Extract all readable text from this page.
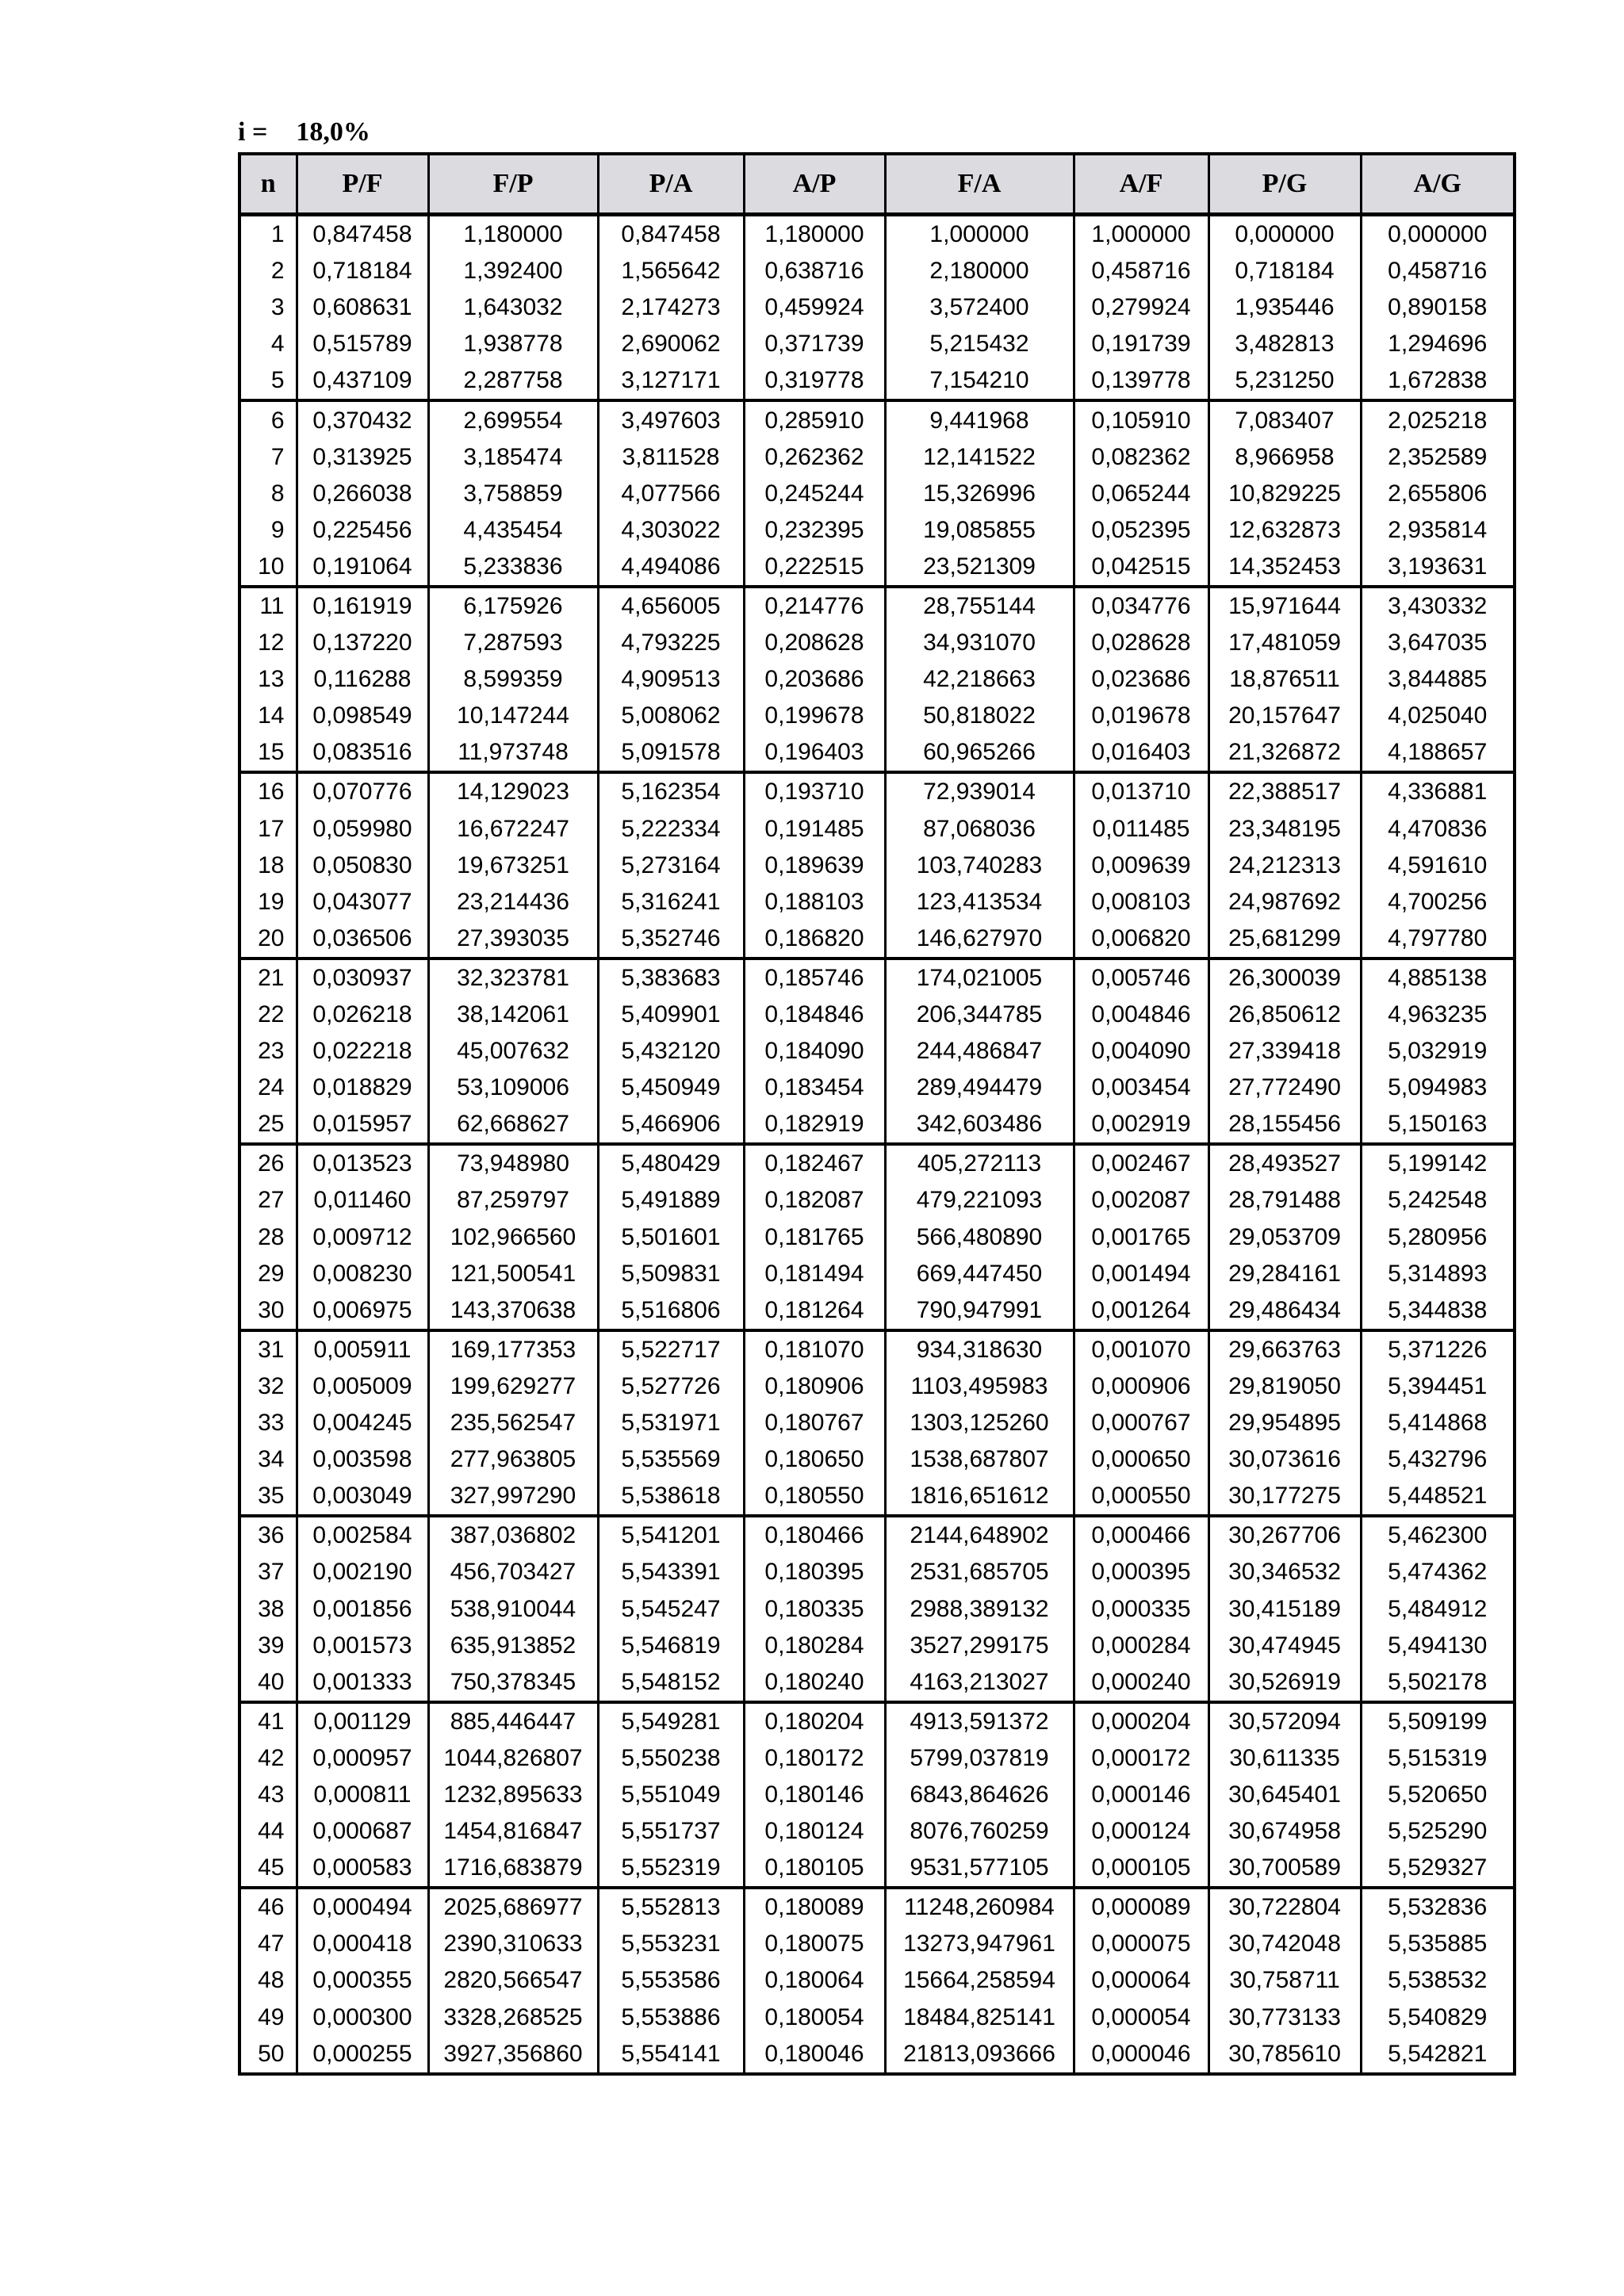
i = 18,0%
n	P/F	F/P	P/A	A/P	F/A	A/F	P/G	A/G
1	0,847458	1,180000	0,847458	1,180000	1,000000	1,000000	0,000000	0,000000
2	0,718184	1,392400	1,565642	0,638716	2,180000	0,458716	0,718184	0,458716
3	0,608631	1,643032	2,174273	0,459924	3,572400	0,279924	1,935446	0,890158
4	0,515789	1,938778	2,690062	0,371739	5,215432	0,191739	3,482813	1,294696
5	0,437109	2,287758	3,127171	0,319778	7,154210	0,139778	5,231250	1,672838
6	0,370432	2,699554	3,497603	0,285910	9,441968	0,105910	7,083407	2,025218
7	0,313925	3,185474	3,811528	0,262362	12,141522	0,082362	8,966958	2,352589
8	0,266038	3,758859	4,077566	0,245244	15,326996	0,065244	10,829225	2,655806
9	0,225456	4,435454	4,303022	0,232395	19,085855	0,052395	12,632873	2,935814
10	0,191064	5,233836	4,494086	0,222515	23,521309	0,042515	14,352453	3,193631
11	0,161919	6,175926	4,656005	0,214776	28,755144	0,034776	15,971644	3,430332
12	0,137220	7,287593	4,793225	0,208628	34,931070	0,028628	17,481059	3,647035
13	0,116288	8,599359	4,909513	0,203686	42,218663	0,023686	18,876511	3,844885
14	0,098549	10,147244	5,008062	0,199678	50,818022	0,019678	20,157647	4,025040
15	0,083516	11,973748	5,091578	0,196403	60,965266	0,016403	21,326872	4,188657
16	0,070776	14,129023	5,162354	0,193710	72,939014	0,013710	22,388517	4,336881
17	0,059980	16,672247	5,222334	0,191485	87,068036	0,011485	23,348195	4,470836
18	0,050830	19,673251	5,273164	0,189639	103,740283	0,009639	24,212313	4,591610
19	0,043077	23,214436	5,316241	0,188103	123,413534	0,008103	24,987692	4,700256
20	0,036506	27,393035	5,352746	0,186820	146,627970	0,006820	25,681299	4,797780
21	0,030937	32,323781	5,383683	0,185746	174,021005	0,005746	26,300039	4,885138
22	0,026218	38,142061	5,409901	0,184846	206,344785	0,004846	26,850612	4,963235
23	0,022218	45,007632	5,432120	0,184090	244,486847	0,004090	27,339418	5,032919
24	0,018829	53,109006	5,450949	0,183454	289,494479	0,003454	27,772490	5,094983
25	0,015957	62,668627	5,466906	0,182919	342,603486	0,002919	28,155456	5,150163
26	0,013523	73,948980	5,480429	0,182467	405,272113	0,002467	28,493527	5,199142
27	0,011460	87,259797	5,491889	0,182087	479,221093	0,002087	28,791488	5,242548
28	0,009712	102,966560	5,501601	0,181765	566,480890	0,001765	29,053709	5,280956
29	0,008230	121,500541	5,509831	0,181494	669,447450	0,001494	29,284161	5,314893
30	0,006975	143,370638	5,516806	0,181264	790,947991	0,001264	29,486434	5,344838
31	0,005911	169,177353	5,522717	0,181070	934,318630	0,001070	29,663763	5,371226
32	0,005009	199,629277	5,527726	0,180906	1103,495983	0,000906	29,819050	5,394451
33	0,004245	235,562547	5,531971	0,180767	1303,125260	0,000767	29,954895	5,414868
34	0,003598	277,963805	5,535569	0,180650	1538,687807	0,000650	30,073616	5,432796
35	0,003049	327,997290	5,538618	0,180550	1816,651612	0,000550	30,177275	5,448521
36	0,002584	387,036802	5,541201	0,180466	2144,648902	0,000466	30,267706	5,462300
37	0,002190	456,703427	5,543391	0,180395	2531,685705	0,000395	30,346532	5,474362
38	0,001856	538,910044	5,545247	0,180335	2988,389132	0,000335	30,415189	5,484912
39	0,001573	635,913852	5,546819	0,180284	3527,299175	0,000284	30,474945	5,494130
40	0,001333	750,378345	5,548152	0,180240	4163,213027	0,000240	30,526919	5,502178
41	0,001129	885,446447	5,549281	0,180204	4913,591372	0,000204	30,572094	5,509199
42	0,000957	1044,826807	5,550238	0,180172	5799,037819	0,000172	30,611335	5,515319
43	0,000811	1232,895633	5,551049	0,180146	6843,864626	0,000146	30,645401	5,520650
44	0,000687	1454,816847	5,551737	0,180124	8076,760259	0,000124	30,674958	5,525290
45	0,000583	1716,683879	5,552319	0,180105	9531,577105	0,000105	30,700589	5,529327
46	0,000494	2025,686977	5,552813	0,180089	11248,260984	0,000089	30,722804	5,532836
47	0,000418	2390,310633	5,553231	0,180075	13273,947961	0,000075	30,742048	5,535885
48	0,000355	2820,566547	5,553586	0,180064	15664,258594	0,000064	30,758711	5,538532
49	0,000300	3328,268525	5,553886	0,180054	18484,825141	0,000054	30,773133	5,540829
50	0,000255	3927,356860	5,554141	0,180046	21813,093666	0,000046	30,785610	5,542821
